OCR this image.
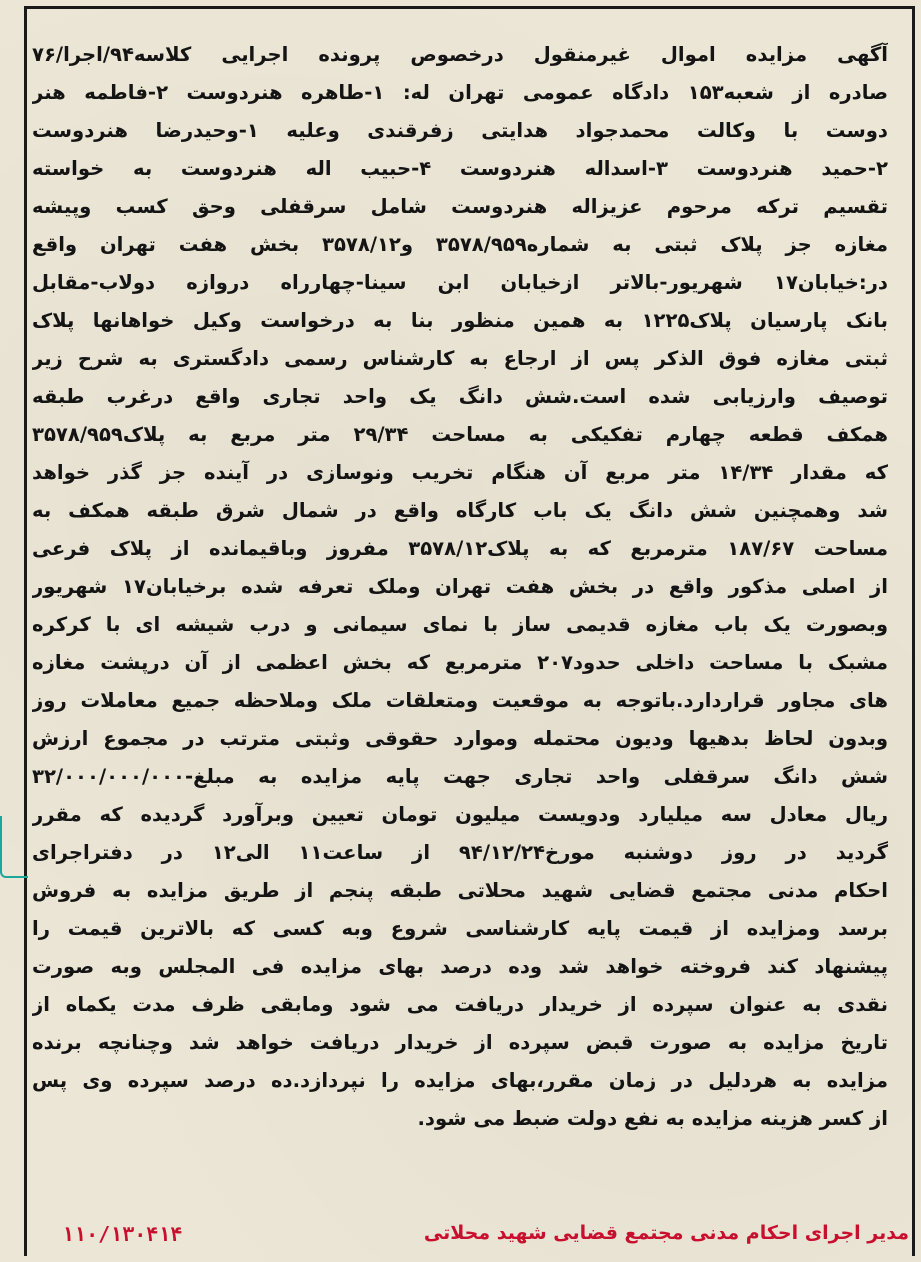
آگهی مزایده اموال غیرمنقول درخصوص پرونده اجرایی کلاسه۹۴/اجرا/۷۶
صادره از شعبه۱۵۳ دادگاه عمومی تهران له: ۱-طاهره هنردوست ۲-فاطمه هنر
دوست با وکالت محمدجواد هدایتی زفرقندی وعلیه ۱-وحیدرضا هنردوست
۲-حمید هنردوست ۳-اسداله هنردوست ۴-حبیب اله هنردوست به خواسته
تقسیم ترکه مرحوم عزیزاله هنردوست شامل سرقفلی وحق کسب وپیشه
مغازه جز پلاک ثبتی به شماره۳۵۷۸/۹۵۹ و۳۵۷۸/۱۲ بخش هفت تهران واقع
در:خیابان۱۷ شهریور-بالاتر ازخیابان ابن سینا-چهارراه دروازه دولاب-مقابل
بانک پارسیان پلاک۱۲۲۵ به همین منظور بنا به درخواست وکیل خواهانها پلاک
ثبتی مغازه فوق الذکر پس از ارجاع به کارشناس رسمی دادگستری به شرح زیر
توصیف وارزیابی شده است.شش دانگ یک واحد تجاری واقع درغرب طبقه
همکف قطعه چهارم تفکیکی به مساحت ۲۹/۳۴ متر مربع به پلاک۳۵۷۸/۹۵۹
که مقدار ۱۴/۳۴ متر مربع آن هنگام تخریب ونوسازی در آینده جز گذر خواهد
شد وهمچنین شش دانگ یک باب کارگاه واقع در شمال شرق طبقه همکف به
مساحت ۱۸۷/۶۷ مترمربع که به پلاک۳۵۷۸/۱۲ مفروز وباقیمانده از پلاک فرعی
از اصلی مذکور واقع در بخش هفت تهران وملک تعرفه شده برخیابان۱۷ شهریور
وبصورت یک باب مغازه قدیمی ساز با نمای سیمانی و درب شیشه ای با کرکره
مشبک با مساحت داخلی حدود۲۰۷ مترمربع که بخش اعظمی از آن درپشت مغازه
های مجاور قراردارد.باتوجه به موقعیت ومتعلقات ملک وملاحظه جمیع معاملات روز
وبدون لحاظ بدهیها ودیون محتمله وموارد حقوقی وثبتی مترتب در مجموع ارزش
شش دانگ سرقفلی واحد تجاری جهت پایه مزایده به مبلغ-۳۲/۰۰۰/۰۰۰/۰۰۰
ریال معادل سه میلیارد ودویست میلیون تومان تعیین وبرآورد گردیده که مقرر
گردید در روز دوشنبه مورخ۹۴/۱۲/۲۴ از ساعت۱۱ الی۱۲ در دفتراجرای
احکام مدنی مجتمع قضایی شهید محلاتی طبقه پنجم از طریق مزایده به فروش
برسد ومزایده از قیمت پایه کارشناسی شروع وبه کسی که بالاترین قیمت را
پیشنهاد کند فروخته خواهد شد وده درصد بهای مزایده فی المجلس وبه صورت
نقدی به عنوان سپرده از خریدار دریافت می شود ومابقی ظرف مدت یکماه از
تاریخ مزایده به صورت قبض سپرده از خریدار دریافت خواهد شد وچنانچه برنده
مزایده به هردلیل در زمان مقرر،بهای مزایده را نپردازد.ده درصد سپرده وی پس
از کسر هزینه مزایده به نفع دولت ضبط می شود.
مدیر اجرای احکام مدنی مجتمع قضایی شهید محلاتی
۱۱۰/۱۳۰۴۱۴
